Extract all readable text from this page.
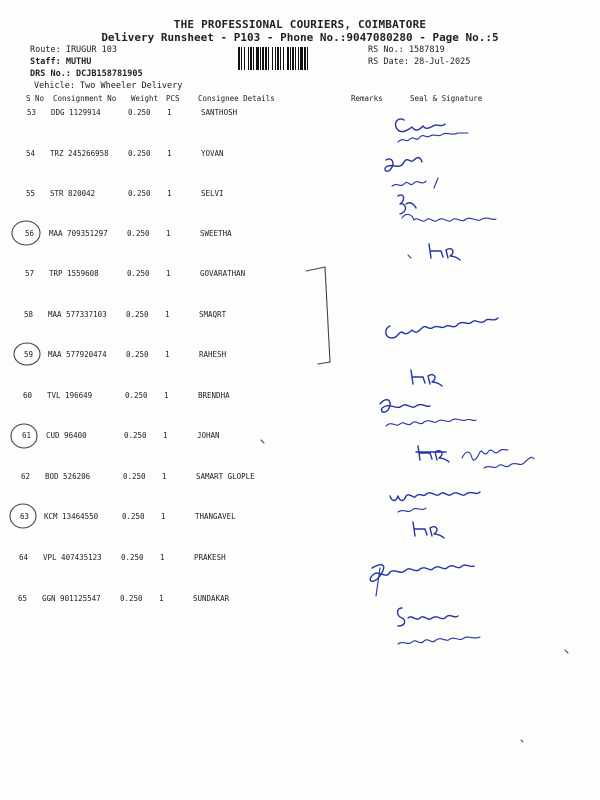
THE PROFESSIONAL COURIERS, COIMBATORE
Delivery Runsheet - P103 - Phone No.:9047080280 - Page No.:5
Route: IRUGUR 103
Staff: MUTHU
DRS No.: DCJB158781905
Vehicle: Two Wheeler Delivery
RS No.: 1587819
RS Date: 28-Jul-2025
S No Consignment No Weight PCS Consignee Details	Remarks	Seal & Signature
53 DDG 1129914	0.250 1	SANTHOSH
54 TRZ 245266958	0.250 1	YOVAN
55 STR 820042	0.250 1	SELVI
56 MAA 709351297	0.250 1	SWEETHA
57 TRP 1559608	0.250 1	GOVARATHAN
58 MAA 577337103	0.250 1	SMAQRT
59 MAA 577920474	0.250 1	RAHESH
60 TVL 196649	0.250 1	BRENDHA
61 CUD 96400	0.250 1	JOHAN
62 BOD 526206	0.250 1	SAMART GLOPLE
63 KCM 13464550	0.250 1	THANGAVEL
64 VPL 407435123	0.250 1	PRAKESH
65 GGN 901125547	0.250 1	SUNDAKAR
